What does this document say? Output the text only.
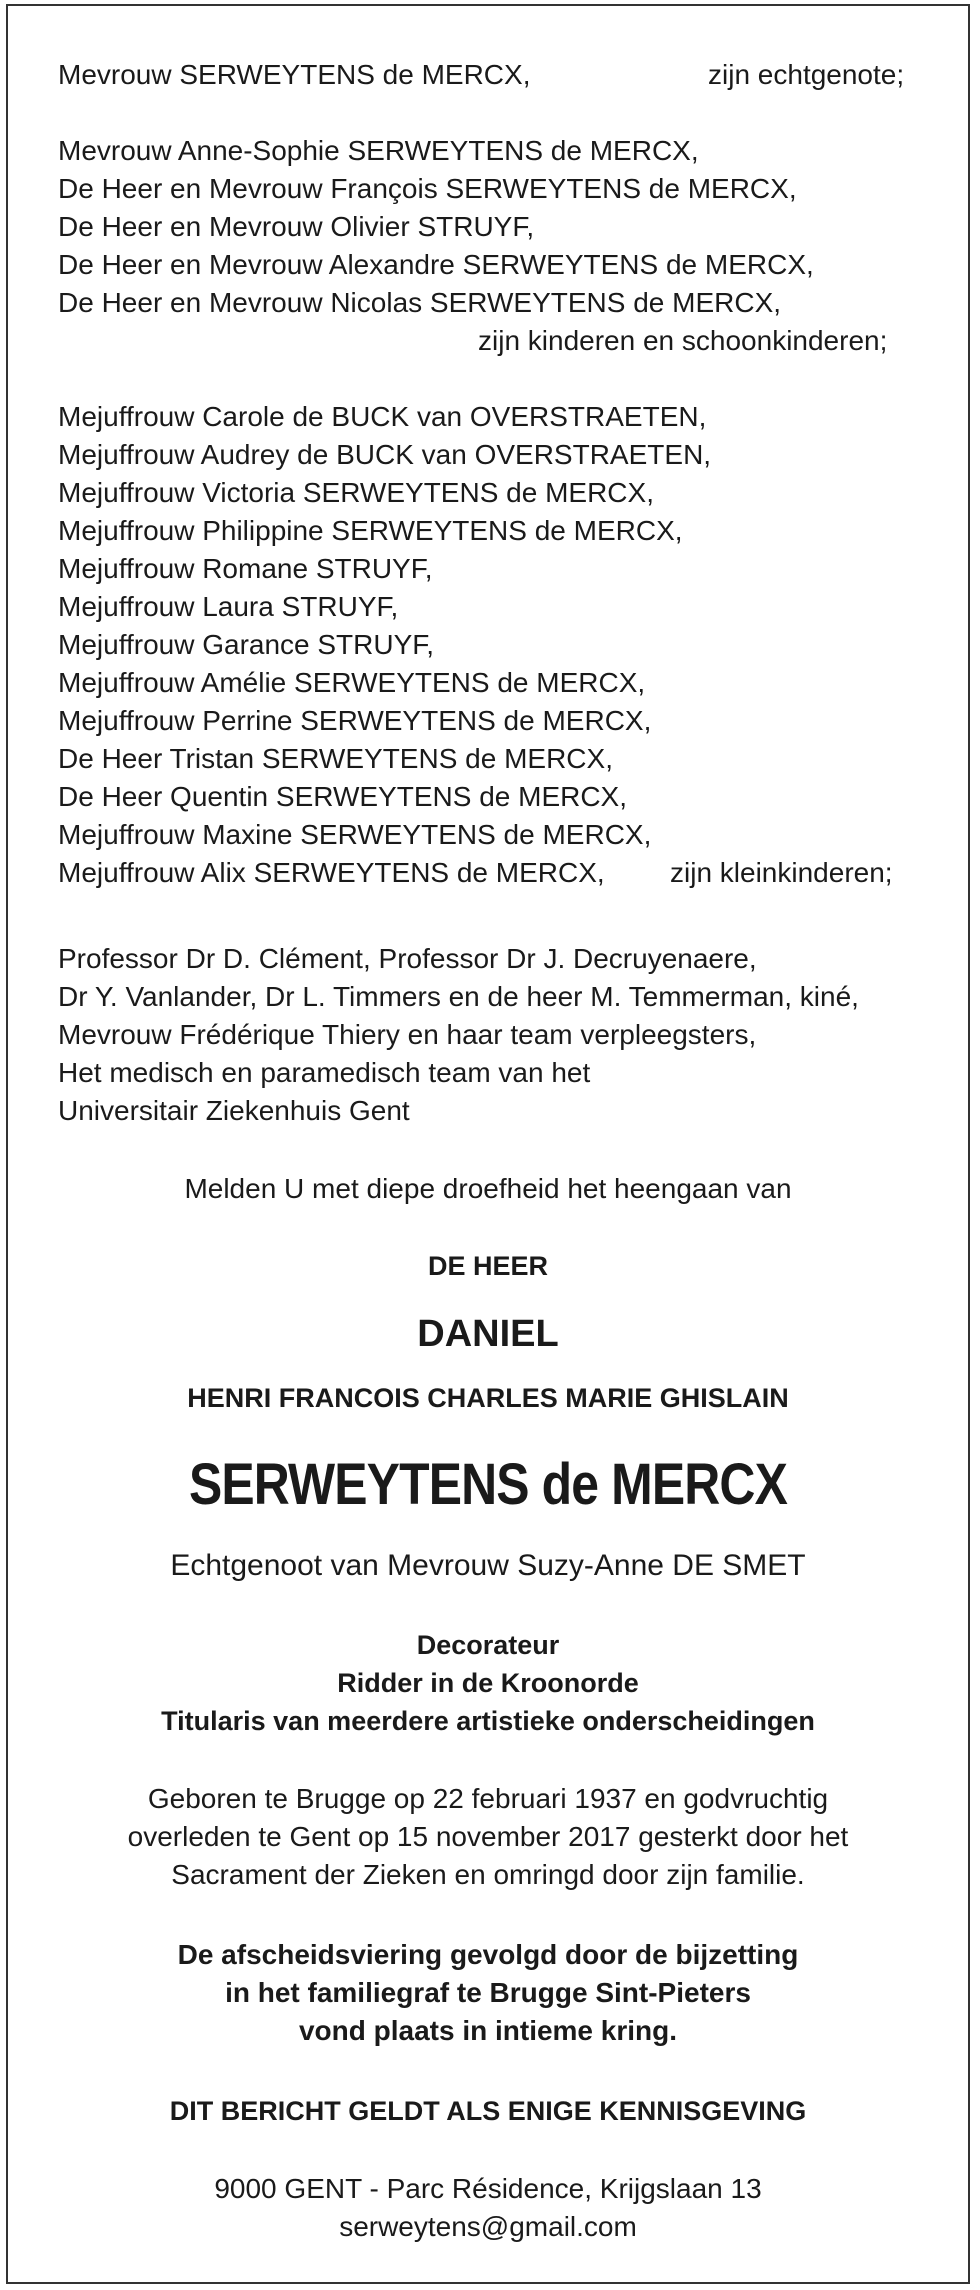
Mevrouw SERWEYTENS de MERCX,	zijn echtgenote;
Mevrouw Anne-Sophie SERWEYTENS de MERCX,
De Heer en Mevrouw François SERWEYTENS de MERCX,
De Heer en Mevrouw Olivier STRUYF,
De Heer en Mevrouw Alexandre SERWEYTENS de MERCX,
De Heer en Mevrouw Nicolas SERWEYTENS de MERCX,
zijn kinderen en schoonkinderen;
Mejuffrouw Carole de BUCK van OVERSTRAETEN,
Mejuffrouw Audrey de BUCK van OVERSTRAETEN,
Mejuffrouw Victoria SERWEYTENS de MERCX,
Mejuffrouw Philippine SERWEYTENS de MERCX,
Mejuffrouw Romane STRUYF,
Mejuffrouw Laura STRUYF,
Mejuffrouw Garance STRUYF,
Mejuffrouw Amélie SERWEYTENS de MERCX,
Mejuffrouw Perrine SERWEYTENS de MERCX,
De Heer Tristan SERWEYTENS de MERCX,
De Heer Quentin SERWEYTENS de MERCX,
Mejuffrouw Maxine SERWEYTENS de MERCX,
Mejuffrouw Alix SERWEYTENS de MERCX, zijn kleinkinderen;
Professor Dr D. Clément, Professor Dr J. Decruyenaere,
Dr Y. Vanlander, Dr L. Timmers en de heer M. Temmerman, kiné,
Mevrouw Frédérique Thiery en haar team verpleegsters,
Het medisch en paramedisch team van het
Universitair Ziekenhuis Gent
Melden U met diepe droefheid het heengaan van
DE HEER
DANIEL
HENRI FRANCOIS CHARLES MARIE GHISLAIN
SERWEYTENS de MERCX
Echtgenoot van Mevrouw Suzy-Anne DE SMET
Decorateur
Ridder in de Kroonorde
Titularis van meerdere artistieke onderscheidingen
Geboren te Brugge op 22 februari 1937 en godvruchtig
overleden te Gent op 15 november 2017 gesterkt door het
Sacrament der Zieken en omringd door zijn familie.
De afscheidsviering gevolgd door de bijzetting
in het familiegraf te Brugge Sint-Pieters
vond plaats in intieme kring.
DIT BERICHT GELDT ALS ENIGE KENNISGEVING
9000 GENT - Parc Résidence, Krijgslaan 13
serweytens@gmail.com
